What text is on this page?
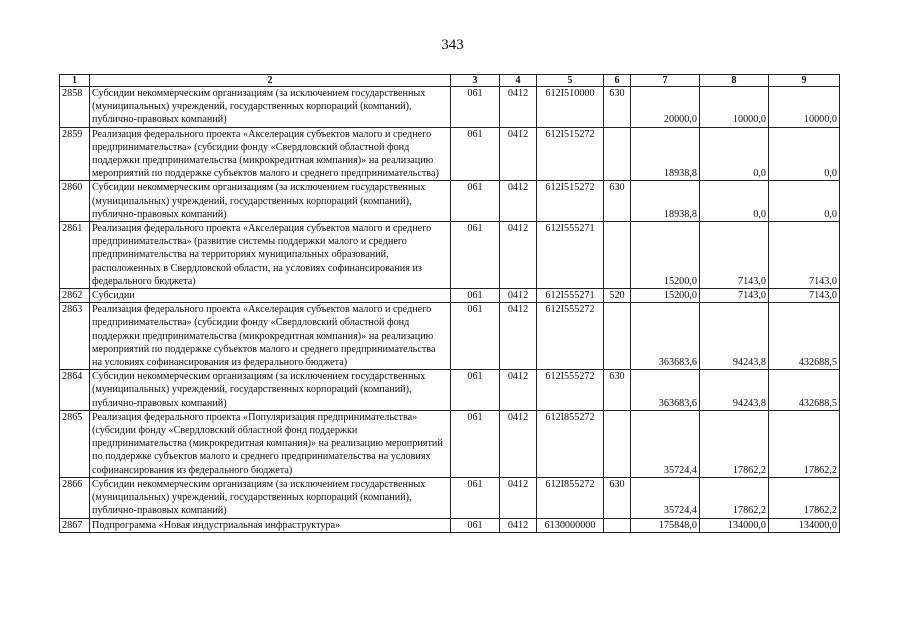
343
1	2	3	4	5	6	7	8	9
2858	Субсидии некоммерческим организациям (за исключением государственных (муниципальных) учреждений, государственных корпораций (компаний), публично-правовых компаний)	061	0412	612I510000	630	20000,0	10000,0	10000,0
2859	Реализация федерального проекта «Акселерация субъектов малого и среднего предпринимательства» (субсидии фонду «Свердловский областной фонд поддержки предпринимательства (микрокредитная компания)» на реализацию мероприятий по поддержке субъектов малого и среднего предпринимательства)	061	0412	612I515272		18938,8	0,0	0,0
2860	Субсидии некоммерческим организациям (за исключением государственных (муниципальных) учреждений, государственных корпораций (компаний), публично-правовых компаний)	061	0412	612I515272	630	18938,8	0,0	0,0
2861	Реализация федерального проекта «Акселерация субъектов малого и среднего предпринимательства» (развитие системы поддержки малого и среднего предпринимательства на территориях муниципальных образований, расположенных в Свердловской области, на условиях софинансирования из федерального бюджета)	061	0412	612I555271		15200,0	7143,0	7143,0
2862	Субсидии	061	0412	612I555271	520	15200,0	7143,0	7143,0
2863	Реализация федерального проекта «Акселерация субъектов малого и среднего предпринимательства» (субсидии фонду «Свердловский областной фонд поддержки предпринимательства (микрокредитная компания)» на реализацию мероприятий по поддержке субъектов малого и среднего предпринимательства на условиях софинансирования из федерального бюджета)	061	0412	612I555272		363683,6	94243,8	432688,5
2864	Субсидии некоммерческим организациям (за исключением государственных (муниципальных) учреждений, государственных корпораций (компаний), публично-правовых компаний)	061	0412	612I555272	630	363683,6	94243,8	432688,5
2865	Реализация федерального проекта «Популяризация предпринимательства» (субсидии фонду «Свердловский областной фонд поддержки предпринимательства (микрокредитная компания)» на реализацию мероприятий по поддержке субъектов малого и среднего предпринимательства на условиях софинансирования из федерального бюджета)	061	0412	612I855272		35724,4	17862,2	17862,2
2866	Субсидии некоммерческим организациям (за исключением государственных (муниципальных) учреждений, государственных корпораций (компаний), публично-правовых компаний)	061	0412	612I855272	630	35724,4	17862,2	17862,2
2867	Подпрограмма «Новая индустриальная инфраструктура»	061	0412	6130000000		175848,0	134000,0	134000,0
